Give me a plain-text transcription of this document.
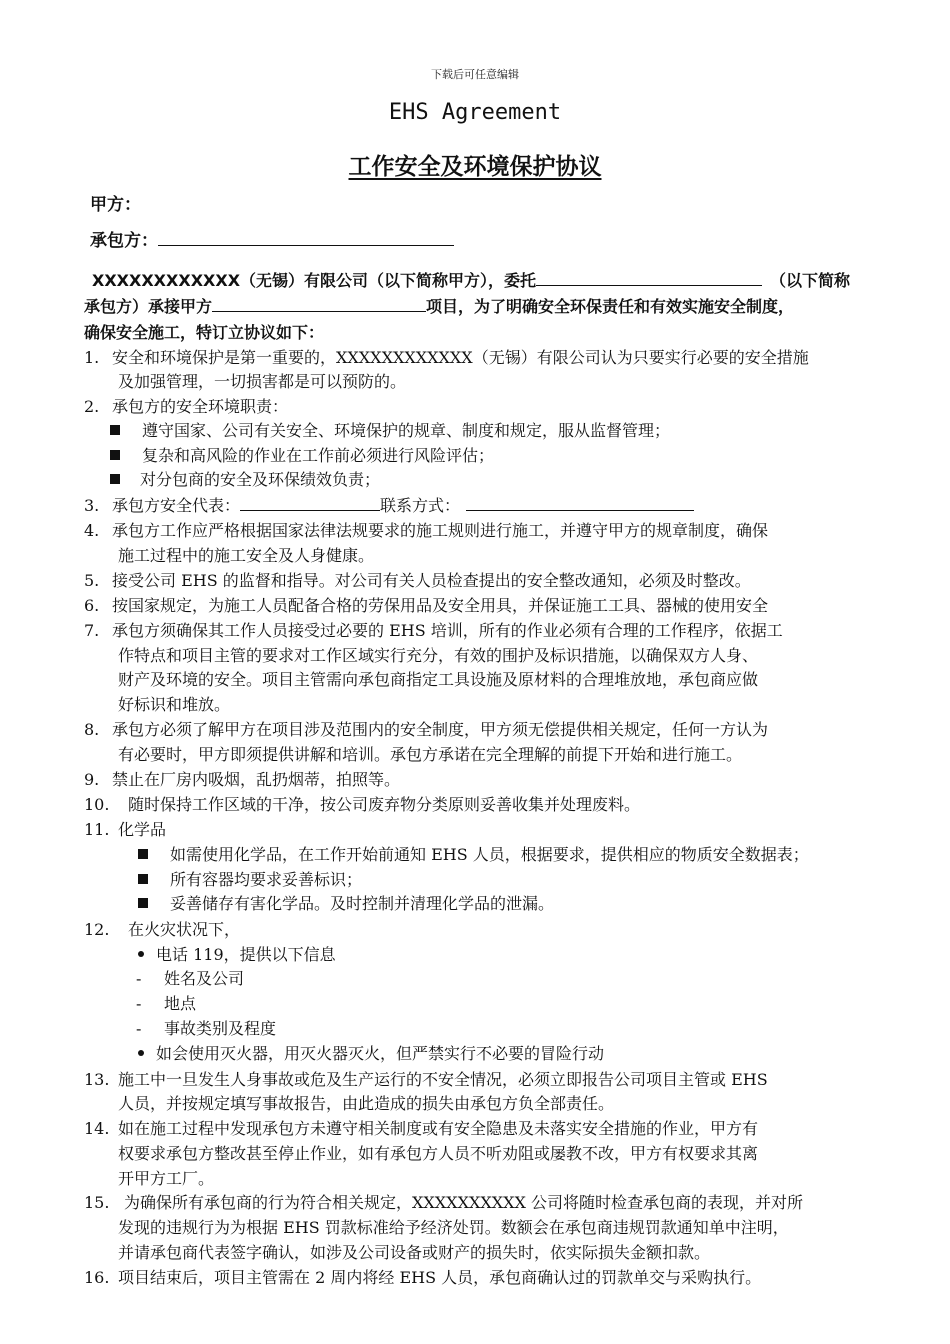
下载后可任意编辑
EHS Agreement
工作安全及环境保护协议
甲方：
承包方：
XXXXXXXXXXXX（无锡）有限公司（以下简称甲方），委托	（以下简称
承包方）承接甲方	项目，为了明确安全环保责任和有效实施安全制度，
确保安全施工，特订立协议如下：
1. 安全和环境保护是第一重要的，XXXXXXXXXXXX（无锡）有限公司认为只要实行必要的安全措施
及加强管理，一切损害都是可以预防的。
2. 承包方的安全环境职责：
遵守国家、公司有关安全、环境保护的规章、制度和规定，服从监督管理；
复杂和高风险的作业在工作前必须进行风险评估；
对分包商的安全及环保绩效负责；
3. 承包方安全代表：	联系方式：
4. 承包方工作应严格根据国家法律法规要求的施工规则进行施工，并遵守甲方的规章制度，确保
施工过程中的施工安全及人身健康。
5. 接受公司 EHS 的监督和指导。对公司有关人员检查提出的安全整改通知，必须及时整改。
6. 按国家规定，为施工人员配备合格的劳保用品及安全用具，并保证施工工具、器械的使用安全
7. 承包方须确保其工作人员接受过必要的 EHS 培训，所有的作业必须有合理的工作程序，依据工
作特点和项目主管的要求对工作区域实行充分，有效的围护及标识措施，以确保双方人身、
财产及环境的安全。项目主管需向承包商指定工具设施及原材料的合理堆放地，承包商应做
好标识和堆放。
8. 承包方必须了解甲方在项目涉及范围内的安全制度，甲方须无偿提供相关规定，任何一方认为
有必要时，甲方即须提供讲解和培训。承包方承诺在完全理解的前提下开始和进行施工。
9. 禁止在厂房内吸烟，乱扔烟蒂，拍照等。
10. 随时保持工作区域的干净，按公司废弃物分类原则妥善收集并处理废料。
11. 化学品
如需使用化学品，在工作开始前通知 EHS 人员，根据要求，提供相应的物质安全数据表；
所有容器均要求妥善标识；
妥善储存有害化学品。及时控制并清理化学品的泄漏。
12. 在火灾状况下，
电话 119，提供以下信息
- 姓名及公司
- 地点
- 事故类别及程度
如会使用灭火器，用灭火器灭火，但严禁实行不必要的冒险行动
13. 施工中一旦发生人身事故或危及生产运行的不安全情况，必须立即报告公司项目主管或 EHS
人员，并按规定填写事故报告，由此造成的损失由承包方负全部责任。
14. 如在施工过程中发现承包方未遵守相关制度或有安全隐患及未落实安全措施的作业，甲方有
权要求承包方整改甚至停止作业，如有承包方人员不听劝阻或屡教不改，甲方有权要求其离
开甲方工厂。
15. 为确保所有承包商的行为符合相关规定，XXXXXXXXXX 公司将随时检查承包商的表现，并对所
发现的违规行为为根据 EHS 罚款标准给予经济处罚。数额会在承包商违规罚款通知单中注明，
并请承包商代表签字确认，如涉及公司设备或财产的损失时，依实际损失金额扣款。
16. 项目结束后，项目主管需在 2 周内将经 EHS 人员，承包商确认过的罚款单交与采购执行。
